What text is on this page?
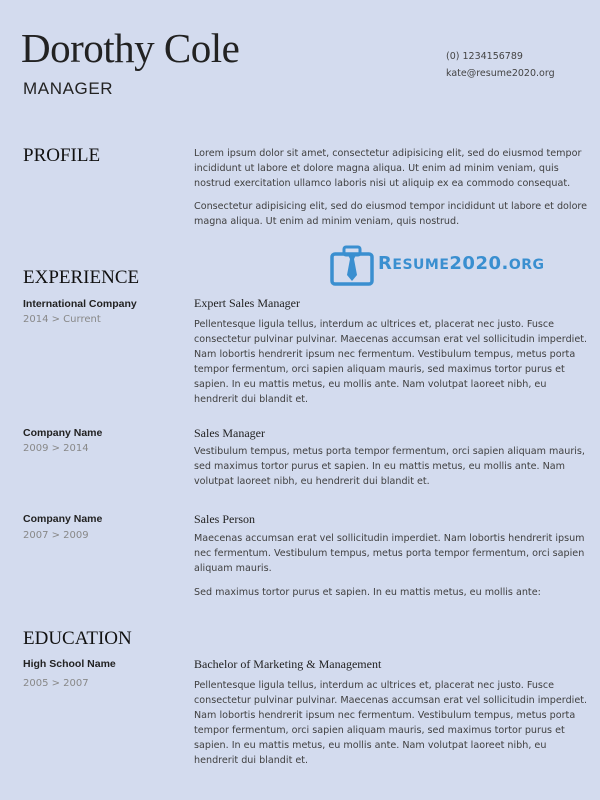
Dorothy Cole
MANAGER
(0) 1234156789
kate@resume2020.org
PROFILE	Lorem ipsum dolor sit amet, consectetur adipisicing elit, sed do eiusmod tempor incididunt ut labore et dolore magna aliqua. Ut enim ad minim veniam, quis nostrud exercitation ullamco laboris nisi ut aliquip ex ea commodo consequat.
Consectetur adipisicing elit, sed do eiusmod tempor incididunt ut labore et dolore magna aliqua. Ut enim ad minim veniam, quis nostrud.
RESUME2020.ORG
EXPERIENCE
International Company
2014 > Current
Expert Sales Manager
Pellentesque ligula tellus, interdum ac ultrices et, placerat nec justo. Fusce consectetur pulvinar pulvinar. Maecenas accumsan erat vel sollicitudin imperdiet. Nam lobortis hendrerit ipsum nec fermentum. Vestibulum tempus, metus porta tempor fermentum, orci sapien aliquam mauris, sed maximus tortor purus et sapien. In eu mattis metus, eu mollis ante. Nam volutpat laoreet nibh, eu hendrerit dui blandit et.
Company Name
2009 > 2014
Sales Manager
Vestibulum tempus, metus porta tempor fermentum, orci sapien aliquam mauris, sed maximus tortor purus et sapien. In eu mattis metus, eu mollis ante. Nam volutpat laoreet nibh, eu hendrerit dui blandit et.
Company Name
2007 > 2009
Sales Person
Maecenas accumsan erat vel sollicitudin imperdiet. Nam lobortis hendrerit ipsum nec fermentum. Vestibulum tempus, metus porta tempor fermentum, orci sapien aliquam mauris.
Sed maximus tortor purus et sapien. In eu mattis metus, eu mollis ante:
EDUCATION
High School Name
2005 > 2007
Bachelor of Marketing & Management
Pellentesque ligula tellus, interdum ac ultrices et, placerat nec justo. Fusce consectetur pulvinar pulvinar. Maecenas accumsan erat vel sollicitudin imperdiet. Nam lobortis hendrerit ipsum nec fermentum. Vestibulum tempus, metus porta tempor fermentum, orci sapien aliquam mauris, sed maximus tortor purus et sapien. In eu mattis metus, eu mollis ante. Nam volutpat laoreet nibh, eu hendrerit dui blandit et.
